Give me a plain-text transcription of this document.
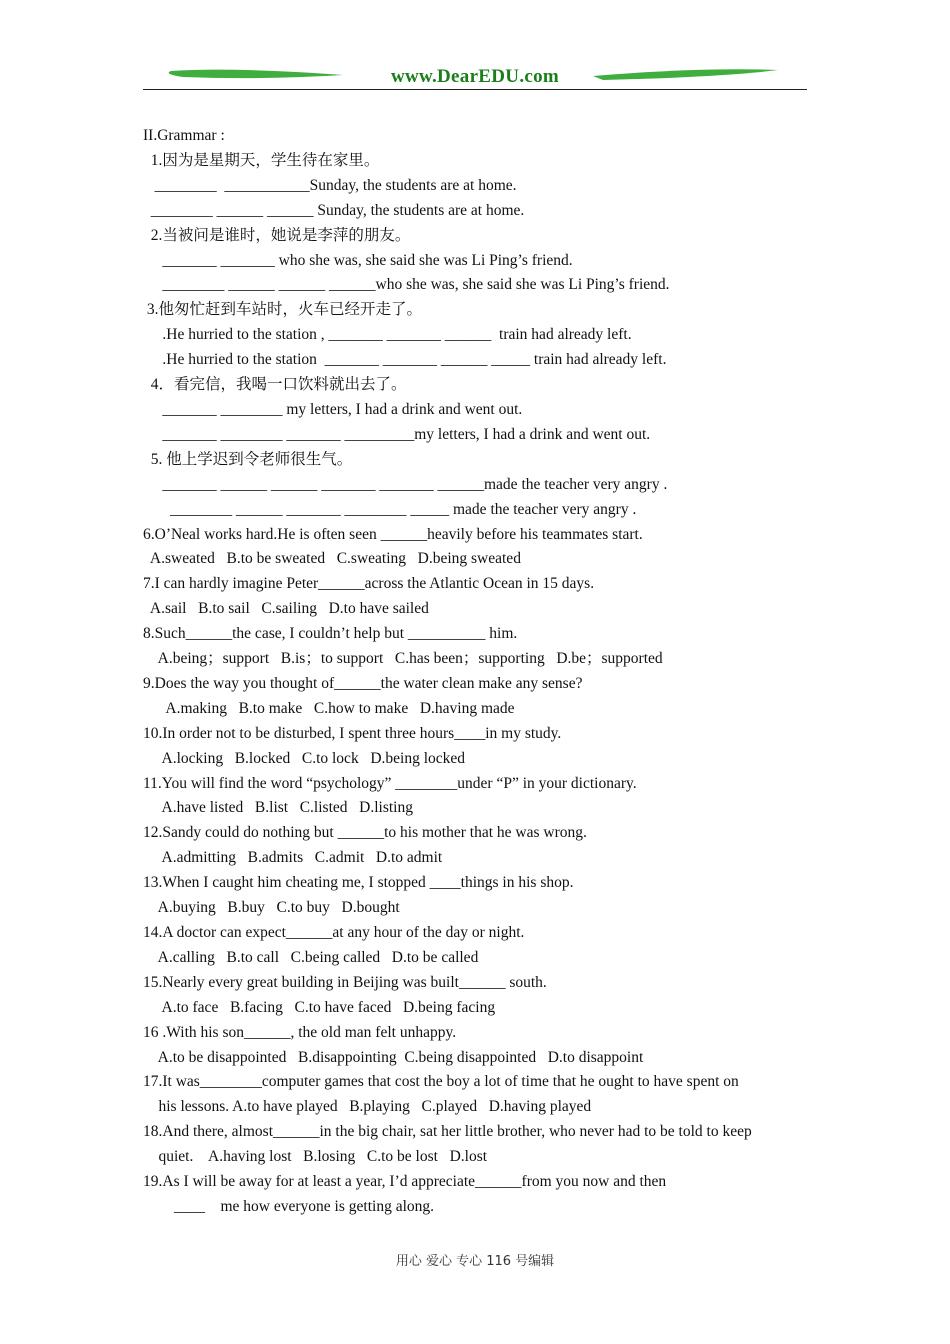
www.DearEDU.com
II.Grammar :
1.因为是星期天，学生待在家里。
________  ___________Sunday, the students are at home.
________ ______ ______ Sunday, the students are at home.
2.当被问是谁时，她说是李萍的朋友。
_______ _______ who she was, she said she was Li Ping’s friend.
________ ______ ______ ______who she was, she said she was Li Ping’s friend.
3.他匆忙赶到车站时，火车已经开走了。
.He hurried to the station , _______ _______ ______  train had already left.
.He hurried to the station  _______ _______ ______ _____ train had already left.
4．看完信，我喝一口饮料就出去了。
_______ ________ my letters, I had a drink and went out.
_______ ________ _______ _________my letters, I had a drink and went out.
5. 他上学迟到令老师很生气。
_______ ______ ______ _______ _______ ______made the teacher very angry .
________ ______ _______ ________ _____ made the teacher very angry .
6.O’Neal works hard.He is often seen ______heavily before his teammates start.
A.sweated   B.to be sweated   C.sweating   D.being sweated
7.I can hardly imagine Peter______across the Atlantic Ocean in 15 days.
A.sail   B.to sail   C.sailing   D.to have sailed
8.Such______the case, I couldn’t help but __________ him.
A.being；support   B.is；to support   C.has been；supporting   D.be；supported
9.Does the way you thought of______the water clean make any sense?
A.making   B.to make   C.how to make   D.having made
10.In order not to be disturbed, I spent three hours____in my study.
A.locking   B.locked   C.to lock   D.being locked
11.You will find the word “psychology” ________under “P” in your dictionary.
A.have listed   B.list   C.listed   D.listing
12.Sandy could do nothing but ______to his mother that he was wrong.
A.admitting   B.admits   C.admit   D.to admit
13.When I caught him cheating me, I stopped ____things in his shop.
A.buying   B.buy   C.to buy   D.bought
14.A doctor can expect______at any hour of the day or night.
A.calling   B.to call   C.being called   D.to be called
15.Nearly every great building in Beijing was built______ south.
A.to face   B.facing   C.to have faced   D.being facing
16 .With his son______, the old man felt unhappy.
A.to be disappointed   B.disappointing  C.being disappointed   D.to disappoint
17.It was________computer games that cost the boy a lot of time that he ought to have spent on
his lessons. A.to have played   B.playing   C.played   D.having played
18.And there, almost______in the big chair, sat her little brother, who never had to be told to keep
quiet.    A.having lost   B.losing   C.to be lost   D.lost
19.As I will be away for at least a year, I’d appreciate______from you now and then
____    me how everyone is getting along.
用心 爱心 专心 116 号编辑
